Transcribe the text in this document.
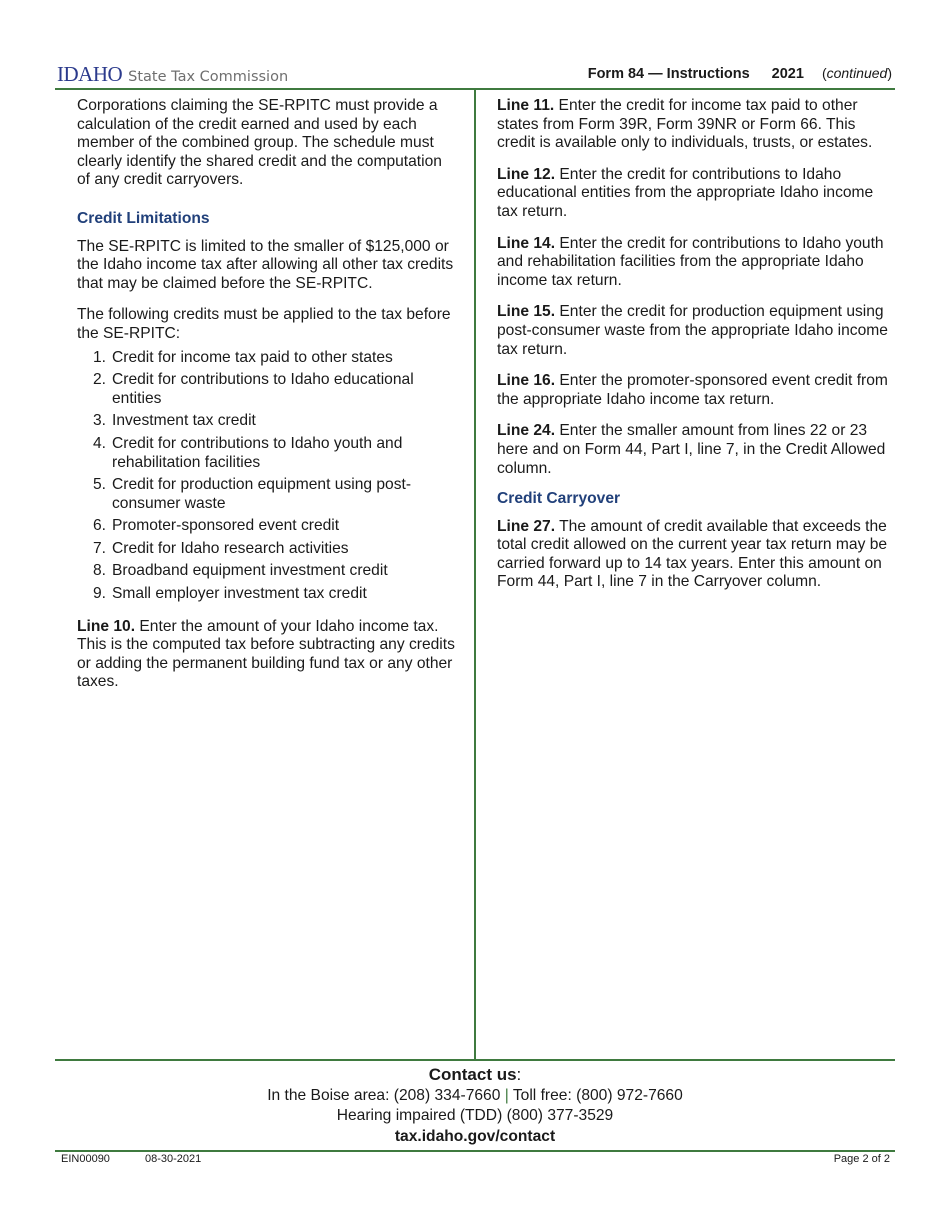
IDAHO State Tax Commission	Form 84 — Instructions 2021 (continued)

Corporations claiming the SE-RPITC must provide a calculation of the credit earned and used by each member of the combined group. The schedule must clearly identify the shared credit and the computation of any credit carryovers.

Credit Limitations

The SE-RPITC is limited to the smaller of $125,000 or the Idaho income tax after allowing all other tax credits that may be claimed before the SE-RPITC.

The following credits must be applied to the tax before the SE-RPITC:

1. Credit for income tax paid to other states
2. Credit for contributions to Idaho educational entities
3. Investment tax credit
4. Credit for contributions to Idaho youth and rehabilitation facilities
5. Credit for production equipment using post-consumer waste
6. Promoter-sponsored event credit
7. Credit for Idaho research activities
8. Broadband equipment investment credit
9. Small employer investment tax credit

Line 10. Enter the amount of your Idaho income tax. This is the computed tax before subtracting any credits or adding the permanent building fund tax or any other taxes.

Line 11. Enter the credit for income tax paid to other states from Form 39R, Form 39NR or Form 66. This credit is available only to individuals, trusts, or estates.

Line 12. Enter the credit for contributions to Idaho educational entities from the appropriate Idaho income tax return.

Line 14. Enter the credit for contributions to Idaho youth and rehabilitation facilities from the appropriate Idaho income tax return.

Line 15. Enter the credit for production equipment using post-consumer waste from the appropriate Idaho income tax return.

Line 16. Enter the promoter-sponsored event credit from the appropriate Idaho income tax return.

Line 24. Enter the smaller amount from lines 22 or 23 here and on Form 44, Part I, line 7, in the Credit Allowed column.

Credit Carryover

Line 27. The amount of credit available that exceeds the total credit allowed on the current year tax return may be carried forward up to 14 tax years. Enter this amount on Form 44, Part I, line 7 in the Carryover column.

Contact us:
In the Boise area: (208) 334-7660 | Toll free: (800) 972-7660
Hearing impaired (TDD) (800) 377-3529
tax.idaho.gov/contact
EIN00090	08-30-2021	Page 2 of 2
